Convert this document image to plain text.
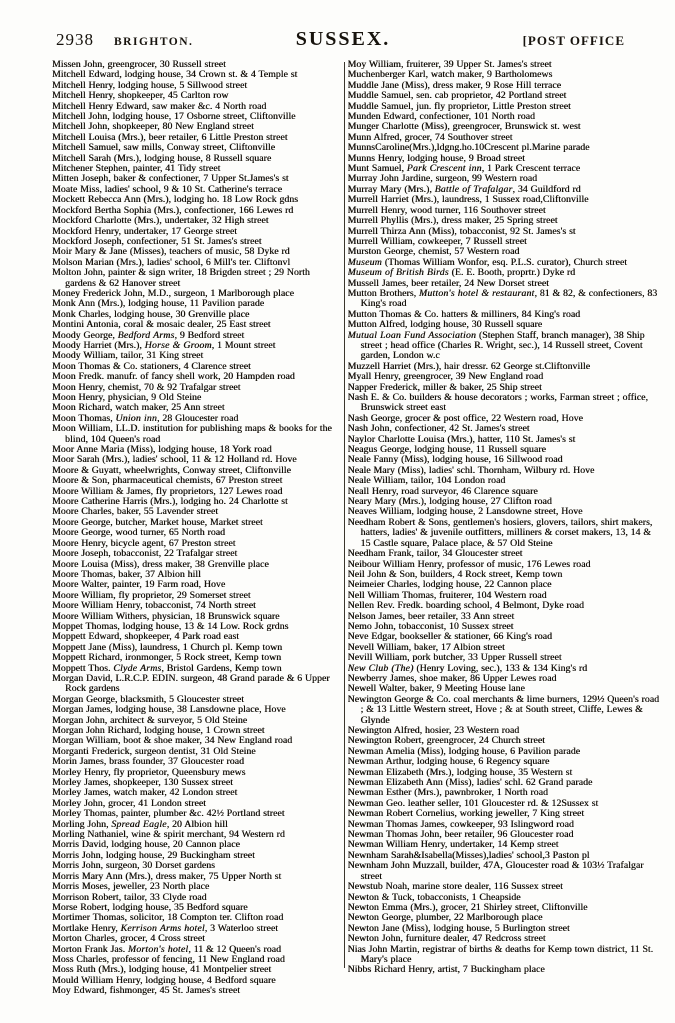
2938 BRIGHTON.	SUSSEX.	[POST OFFICE

Missen John, greengrocer, 30 Russell street

Mitchell Edward, lodging house, 34 Crown st. & 4 Temple st

Mitchell Henry, lodging house, 5 Sillwood street

Mitchell Henry, shopkeeper, 45 Carlton row

Mitchell Henry Edward, saw maker &c. 4 North road

Mitchell John, lodging house, 17 Osborne street, Cliftonville

Mitchell John, shopkeeper, 80 New England street

Mitchell Louisa (Mrs.), beer retailer, 6 Little Preston street

Mitchell Samuel, saw mills, Conway street, Cliftonville

Mitchell Sarah (Mrs.), lodging house, 8 Russell square

Mitchener Stephen, painter, 41 Tidy street

Mitten Joseph, baker & confectioner, 7 Upper St.James's st

Moate Miss, ladies' school, 9 & 10 St. Catherine's terrace

Mockett Rebecca Ann (Mrs.), lodging ho. 18 Low Rock gdns

Mockford Bertha Sophia (Mrs.), confectioner, 166 Lewes rd

Mockford Charlotte (Mrs.), undertaker, 32 High street

Mockford Henry, undertaker, 17 George street

Mockford Joseph, confectioner, 51 St. James's street

Moir Mary & Jane (Misses), teachers of music, 58 Dyke rd

Molson Marian (Mrs.), ladies' school, 6 Mill's ter. Cliftonvl

Molton John, painter & sign writer, 18 Brigden street ; 29 North gardens & 62 Hanover street

Money Frederick John, M.D., surgeon, 1 Marlborough place

Monk Ann (Mrs.), lodging house, 11 Pavilion parade

Monk Charles, lodging house, 30 Grenville place

Montini Antonia, coral & mosaic dealer, 25 East street

Moody George, Bedford Arms, 9 Bedford street

Moody Harriet (Mrs.), Horse & Groom, 1 Mount street

Moody William, tailor, 31 King street

Moon Thomas & Co. stationers, 4 Clarence street

Moon Fredk. manufr. of fancy shell work, 20 Hampden road

Moon Henry, chemist, 70 & 92 Trafalgar street

Moon Henry, physician, 9 Old Steine

Moon Richard, watch maker, 25 Ann street

Moon Thomas, Union inn, 28 Gloucester road

Moon William, LL.D. institution for publishing maps & books for the blind, 104 Queen's road

Moor Anne Maria (Miss), lodging house, 18 York road

Moor Sarah (Mrs.), ladies' school, 11 & 12 Holland rd. Hove

Moore & Guyatt, wheelwrights, Conway street, Cliftonville

Moore & Son, pharmaceutical chemists, 67 Preston street

Moore William & James, fly proprietors, 127 Lewes road

Moore Catherine Harris (Mrs.), lodging ho. 24 Charlotte st

Moore Charles, baker, 55 Lavender street

Moore George, butcher, Market house, Market street

Moore George, wood turner, 65 North road

Moore Henry, bicycle agent, 67 Preston street

Moore Joseph, tobacconist, 22 Trafalgar street

Moore Louisa (Miss), dress maker, 38 Grenville place

Moore Thomas, baker, 37 Albion hill

Moore Walter, painter, 19 Farm road, Hove

Moore William, fly proprietor, 29 Somerset street

Moore William Henry, tobacconist, 74 North street

Moore William Withers, physician, 18 Brunswick square

Moppet Thomas, lodging house, 13 & 14 Low. Rock grdns

Moppett Edward, shopkeeper, 4 Park road east

Moppett Jane (Miss), laundress, 1 Church pl. Kemp town

Moppett Richard, ironmonger, 5 Rock street, Kemp town

Moppett Thos. Clyde Arms, Bristol Gardens, Kemp town

Morgan David, L.R.C.P. EDIN. surgeon, 48 Grand parade & 6 Upper Rock gardens

Morgan George, blacksmith, 5 Gloucester street

Morgan James, lodging house, 38 Lansdowne place, Hove

Morgan John, architect & surveyor, 5 Old Steine

Morgan John Richard, lodging house, 1 Crown street

Morgan William, boot & shoe maker, 34 New England road

Morganti Frederick, surgeon dentist, 31 Old Steine

Morin James, brass founder, 37 Gloucester road

Morley Henry, fly proprietor, Queensbury mews

Morley James, shopkeeper, 130 Sussex street

Morley James, watch maker, 42 London street

Morley John, grocer, 41 London street

Morley Thomas, painter, plumber &c. 42½ Portland street

Morling John, Spread Eagle, 20 Albion hill

Morling Nathaniel, wine & spirit merchant, 94 Western rd

Morris David, lodging house, 20 Cannon place

Morris John, lodging house, 29 Buckingham street

Morris John, surgeon, 30 Dorset gardens

Morris Mary Ann (Mrs.), dress maker, 75 Upper North st

Morris Moses, jeweller, 23 North place

Morrison Robert, tailor, 33 Clyde road

Morse Robert, lodging house, 35 Bedford square

Mortimer Thomas, solicitor, 18 Compton ter. Clifton road

Mortlake Henry, Kerrison Arms hotel, 3 Waterloo street

Morton Charles, grocer, 4 Cross street

Morton Frank Jas. Morton's hotel, 11 & 12 Queen's road

Moss Charles, professor of fencing, 11 New England road

Moss Ruth (Mrs.), lodging house, 41 Montpelier street

Mould William Henry, lodging house, 4 Bedford square

Moy Edward, fishmonger, 45 St. James's street

Moy William, fruiterer, 39 Upper St. James's street

Muchenberger Karl, watch maker, 9 Bartholomews

Muddle Jane (Miss), dress maker, 9 Rose Hill terrace

Muddle Samuel, sen. cab proprietor, 42 Portland street

Muddle Samuel, jun. fly proprietor, Little Preston street

Munden Edward, confectioner, 101 North road

Munger Charlotte (Miss), greengrocer, Brunswick st. west

Munn Alfred, grocer, 74 Southover street

MunnsCaroline(Mrs.),ldgng.ho.10Crescent pl.Marine parade

Munns Henry, lodging house, 9 Broad street

Munt Samuel, Park Crescent inn, 1 Park Crescent terrace

Murray John Jardine, surgeon, 99 Western road

Murray Mary (Mrs.), Battle of Trafalgar, 34 Guildford rd

Murrell Harriet (Mrs.), laundress, 1 Sussex road,Cliftonville

Murrell Henry, wood turner, 116 Southover street

Murrell Phyllis (Mrs.), dress maker, 25 Spring street

Murrell Thirza Ann (Miss), tobacconist, 92 St. James's st

Murrell William, cowkeeper, 7 Russell street

Murston George, chemist, 57 Western road

Museum (Thomas William Wonfor, esq. P.L.S. curator), Church street

Museum of British Birds (E. E. Booth, proprtr.) Dyke rd

Mussell James, beer retailer, 24 New Dorset street

Mutton Brothers, Mutton's hotel & restaurant, 81 & 82, & confectioners, 83 King's road

Mutton Thomas & Co. hatters & milliners, 84 King's road

Mutton Alfred, lodging house, 30 Russell square

Mutual Loan Fund Association (Stephen Staff, branch manager), 38 Ship street ; head office (Charles R. Wright, sec.), 14 Russell street, Covent garden, London w.c

Muzzell Harriet (Mrs.), hair dressr. 62 George st.Cliftonville

Myall Henry, greengrocer, 39 New England road

Napper Frederick, miller & baker, 25 Ship street

Nash E. & Co. builders & house decorators ; works, Farman street ; office, Brunswick street east

Nash George, grocer & post office, 22 Western road, Hove

Nash John, confectioner, 42 St. James's street

Naylor Charlotte Louisa (Mrs.), hatter, 110 St. James's st

Neagus George, lodging house, 11 Russell square

Neale Fanny (Miss), lodging house, 16 Sillwood road

Neale Mary (Miss), ladies' schl. Thornham, Wilbury rd. Hove

Neale William, tailor, 104 London road

Neall Henry, road surveyor, 46 Clarence square

Neary Mary (Mrs.), lodging house, 27 Clifton road

Neaves William, lodging house, 2 Lansdowne street, Hove

Needham Robert & Sons, gentlemen's hosiers, glovers, tailors, shirt makers, hatters, ladies' & juvenile outfitters, milliners & corset makers, 13, 14 & 15 Castle square, Palace place, & 57 Old Steine

Needham Frank, tailor, 34 Gloucester street

Neibour William Henry, professor of music, 176 Lewes road

Neil John & Son, builders, 4 Rock street, Kemp town

Neimeier Charles, lodging house, 22 Cannon place

Nell William Thomas, fruiterer, 104 Western road

Nellen Rev. Fredk. boarding school, 4 Belmont, Dyke road

Nelson James, beer retailer, 33 Ann street

Nemo John, tobacconist, 10 Sussex street

Neve Edgar, bookseller & stationer, 66 King's road

Nevell William, baker, 17 Albion street

Nevill William, pork butcher, 33 Upper Russell street

New Club (The) (Henry Loving, sec.), 133 & 134 King's rd

Newberry James, shoe maker, 86 Upper Lewes road

Newell Walter, baker, 9 Meeting House lane

Newington George & Co. coal merchants & lime burners, 129½ Queen's road ; & 13 Little Western street, Hove ; & at South street, Cliffe, Lewes & Glynde

Newington Alfred, hosier, 23 Western road

Newington Robert, greengrocer, 24 Church street

Newman Amelia (Miss), lodging house, 6 Pavilion parade

Newman Arthur, lodging house, 6 Regency square

Newman Elizabeth (Mrs.), lodging house, 35 Western st

Newman Elizabeth Ann (Miss), ladies' schl. 62 Grand parade

Newman Esther (Mrs.), pawnbroker, 1 North road

Newman Geo. leather seller, 101 Gloucester rd. & 12Sussex st

Newman Robert Cornelius, working jeweller, 7 King street

Newman Thomas James, cowkeeper, 93 Islingword road

Newman Thomas John, beer retailer, 96 Gloucester road

Newman William Henry, undertaker, 14 Kemp street

Newnham Sarah&Isabella(Misses),ladies' school,3 Paston pl

Newnham John Muzzall, builder, 47A, Gloucester road & 103½ Trafalgar street

Newstub Noah, marine store dealer, 116 Sussex street

Newton & Tuck, tobacconists, 1 Cheapside

Newton Emma (Mrs.), grocer, 21 Shirley street, Cliftonville

Newton George, plumber, 22 Marlborough place

Newton Jane (Miss), lodging house, 5 Burlington street

Newton John, furniture dealer, 47 Redcross street

Nias John Martin, registrar of births & deaths for Kemp town district, 11 St. Mary's place

Nibbs Richard Henry, artist, 7 Buckingham place
